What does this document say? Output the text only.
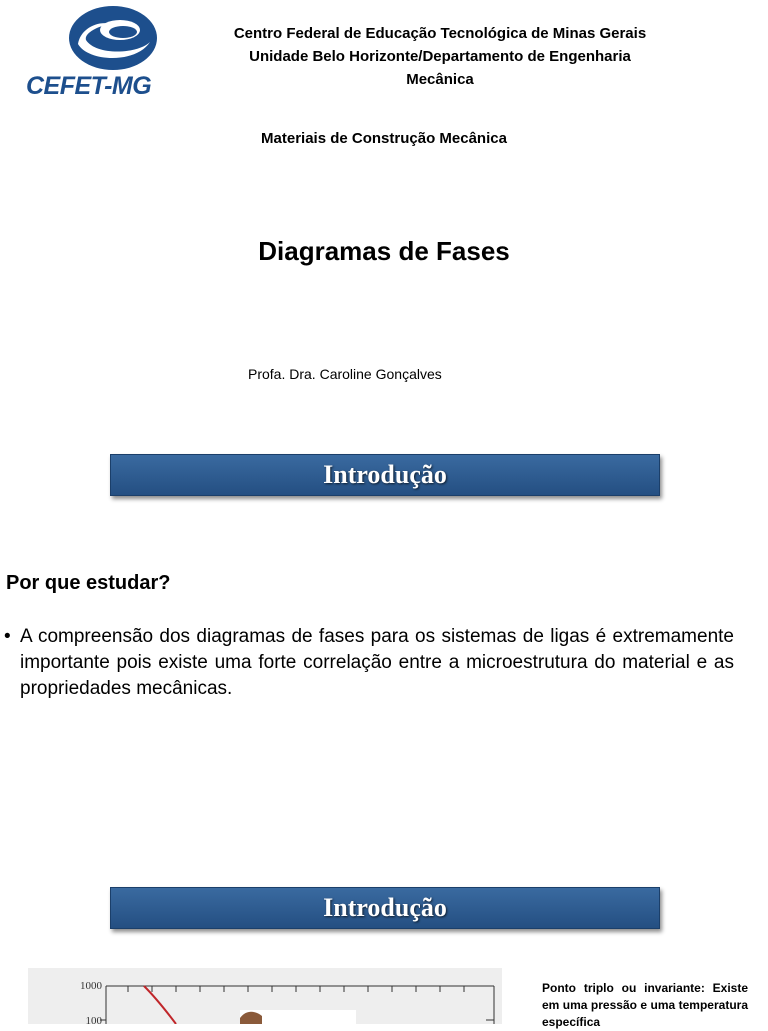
CEFET-MG
Centro Federal de Educação Tecnológica de Minas Gerais
Unidade Belo Horizonte/Departamento de Engenharia
Mecânica
Materiais de Construção Mecânica
Diagramas de Fases
Profa. Dra. Caroline Gonçalves
Introdução
Por que estudar?
• A compreensão dos diagramas de fases para os sistemas de ligas é extremamente importante pois existe uma forte correlação entre a microestrutura do material e as propriedades mecânicas.
Introdução
1000
100
Ponto triplo ou invariante: Existe em uma pressão e uma temperatura específica
